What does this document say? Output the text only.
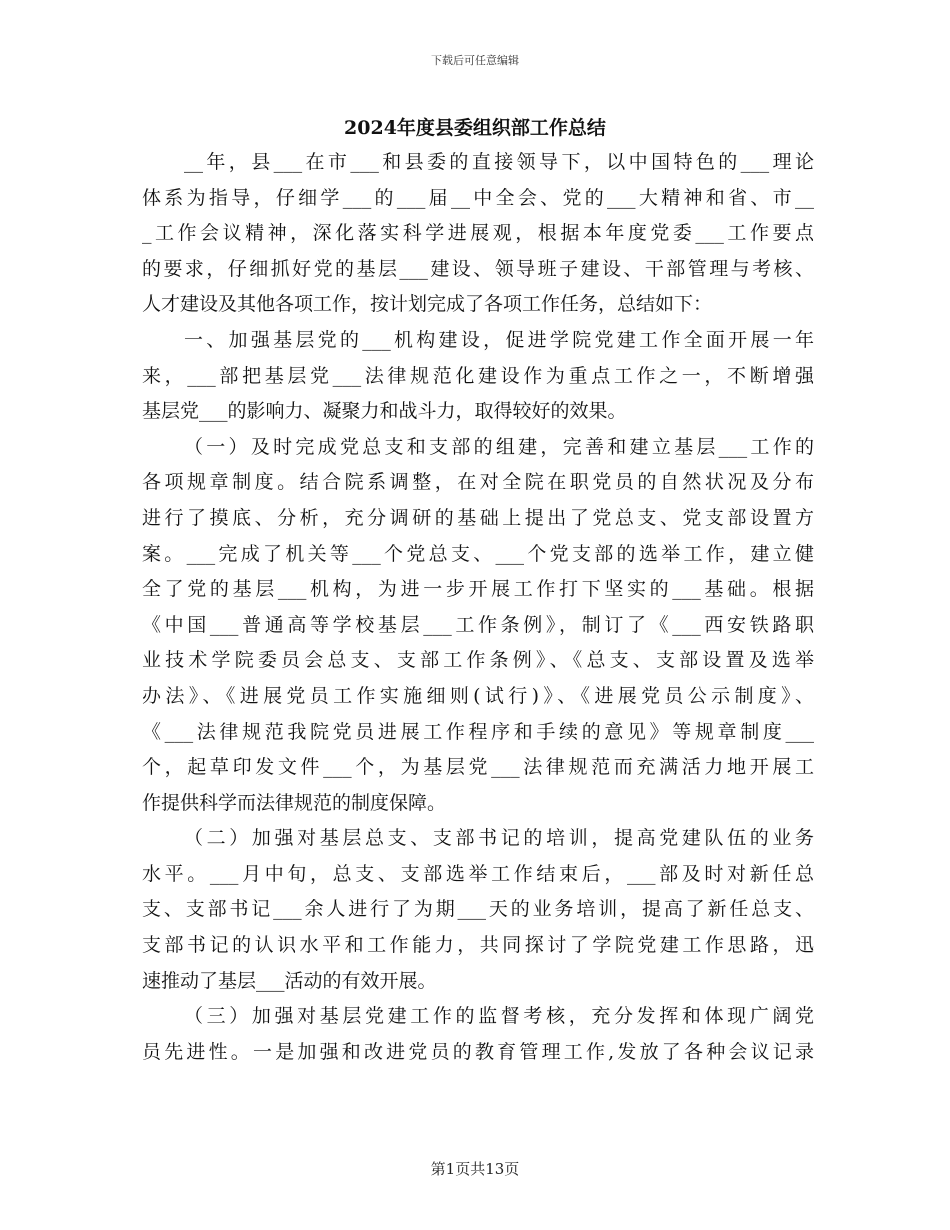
下载后可任意编辑
2024年度县委组织部工作总结
__年，县___在市___和县委的直接领导下，以中国特色的___理论
体系为指导，仔细学___的___届__中全会、党的___大精神和省、市__
_工作会议精神，深化落实科学进展观，根据本年度党委___工作要点
的要求，仔细抓好党的基层___建设、领导班子建设、干部管理与考核、
人才建设及其他各项工作，按计划完成了各项工作任务，总结如下：
一、加强基层党的___机构建设，促进学院党建工作全面开展一年
来，___部把基层党___法律规范化建设作为重点工作之一，不断增强
基层党___的影响力、凝聚力和战斗力，取得较好的效果。
（一）及时完成党总支和支部的组建，完善和建立基层___工作的
各项规章制度。结合院系调整，在对全院在职党员的自然状况及分布
进行了摸底、分析，充分调研的基础上提出了党总支、党支部设置方
案。___完成了机关等___个党总支、___个党支部的选举工作，建立健
全了党的基层___机构，为进一步开展工作打下坚实的___基础。根据
《中国___普通高等学校基层___工作条例》，制订了《___西安铁路职
业技术学院委员会总支、支部工作条例》、《总支、支部设置及选举
办法》、《进展党员工作实施细则(试行)》、《进展党员公示制度》、
《___法律规范我院党员进展工作程序和手续的意见》等规章制度___
个，起草印发文件___个，为基层党___法律规范而充满活力地开展工
作提供科学而法律规范的制度保障。
（二）加强对基层总支、支部书记的培训，提高党建队伍的业务
水平。___月中旬，总支、支部选举工作结束后，___部及时对新任总
支、支部书记___余人进行了为期___天的业务培训，提高了新任总支、
支部书记的认识水平和工作能力，共同探讨了学院党建工作思路，迅
速推动了基层___活动的有效开展。
（三）加强对基层党建工作的监督考核，充分发挥和体现广阔党
员先进性。一是加强和改进党员的教育管理工作,发放了各种会议记录
第1页共13页
